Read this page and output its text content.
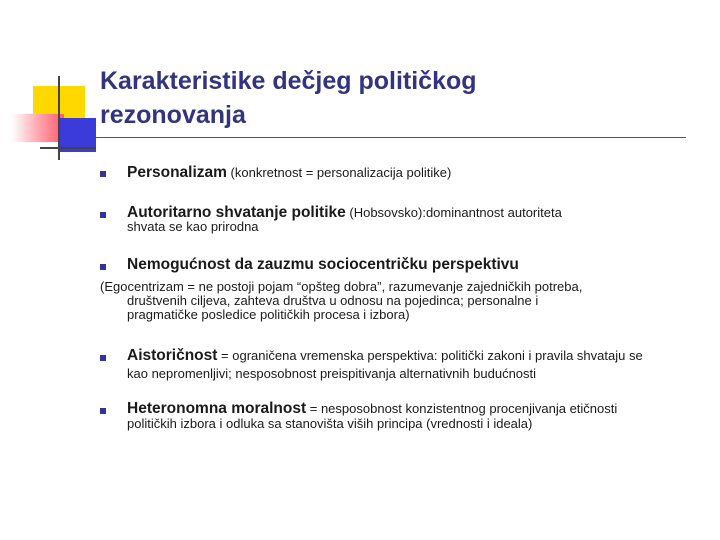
Karakteristike dečjeg političkog
rezonovanja
Personalizam (konkretnost = personalizacija politike)
Autoritarno shvatanje politike (Hobsovsko):dominantnost autoriteta
shvata se kao prirodna
Nemogućnost da zauzmu sociocentričku perspektivu
(Egocentrizam = ne postoji pojam “opšteg dobra”, razumevanje zajedničkih potreba,
društvenih ciljeva, zahteva društva u odnosu na pojedinca; personalne i
pragmatičke posledice političkih procesa i izbora)
Aistoričnost = ograničena vremenska perspektiva: politički zakoni i pravila shvataju se
kao nepromenljivi; nesposobnost preispitivanja alternativnih budućnosti
Heteronomna moralnost = nesposobnost konzistentnog procenjivanja etičnosti
političkih izbora i odluka sa stanovišta viših principa (vrednosti i ideala)
